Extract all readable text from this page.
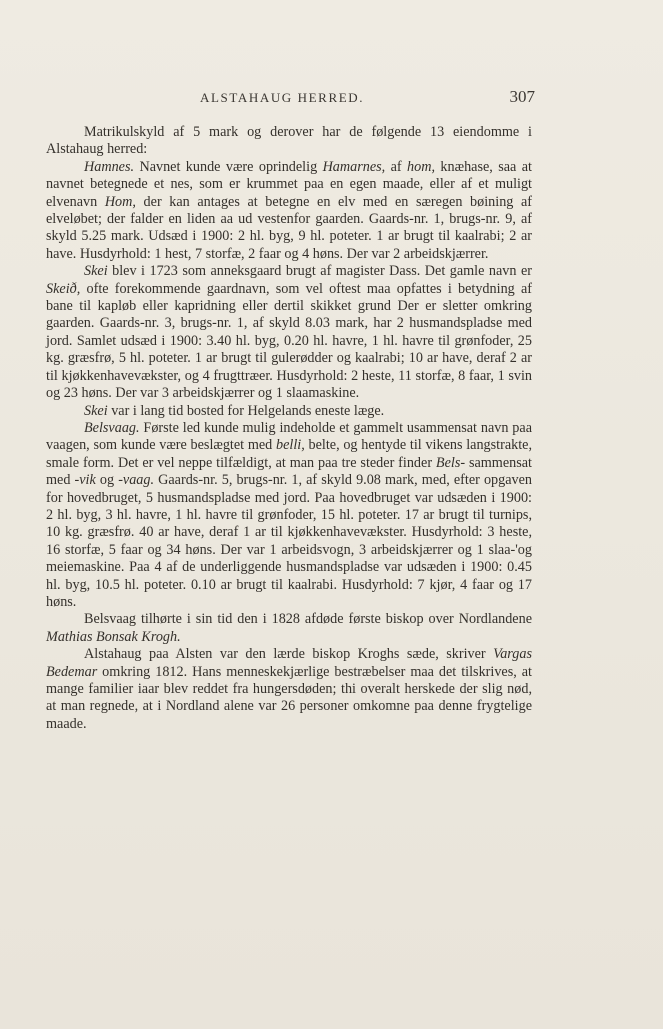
ALSTAHAUG HERRED.	307

Matrikulskyld af 5 mark og derover har de følgende 13 eiendomme i Alstahaug herred:

Hamnes. Navnet kunde være oprindelig Hamarnes, af hom, knæhase, saa at navnet betegnede et nes, som er krummet paa en egen maade, eller af et muligt elvenavn Hom, der kan antages at betegne en elv med en særegen bøining af elveløbet; der falder en liden aa ud vestenfor gaarden. Gaards-nr. 1, brugs-nr. 9, af skyld 5.25 mark. Udsæd i 1900: 2 hl. byg, 9 hl. poteter. 1 ar brugt til kaalrabi; 2 ar have. Husdyrhold: 1 hest, 7 storfæ, 2 faar og 4 høns. Der var 2 arbeidskjærrer.

Skei blev i 1723 som anneksgaard brugt af magister Dass. Det gamle navn er Skeið, ofte forekommende gaardnavn, som vel oftest maa opfattes i betydning af bane til kapløb eller kapridning eller dertil skikket grund Der er sletter omkring gaarden. Gaards-nr. 3, brugs-nr. 1, af skyld 8.03 mark, har 2 husmandspladse med jord. Samlet udsæd i 1900: 3.40 hl. byg, 0.20 hl. havre, 1 hl. havre til grønfoder, 25 kg. græsfrø, 5 hl. poteter. 1 ar brugt til gulerødder og kaalrabi; 10 ar have, deraf 2 ar til kjøkkenhavevækster, og 4 frugttræer. Husdyrhold: 2 heste, 11 storfæ, 8 faar, 1 svin og 23 høns. Der var 3 arbeidskjærrer og 1 slaamaskine.

Skei var i lang tid bosted for Helgelands eneste læge.

Belsvaag. Første led kunde mulig indeholde et gammelt usammensat navn paa vaagen, som kunde være beslægtet med belli, belte, og hentyde til vikens langstrakte, smale form. Det er vel neppe tilfældigt, at man paa tre steder finder Bels- sammensat med -vik og -vaag. Gaards-nr. 5, brugs-nr. 1, af skyld 9.08 mark, med, efter opgaven for hovedbruget, 5 husmandspladse med jord. Paa hovedbruget var udsæden i 1900: 2 hl. byg, 3 hl. havre, 1 hl. havre til grønfoder, 15 hl. poteter. 17 ar brugt til turnips, 10 kg. græsfrø. 40 ar have, deraf 1 ar til kjøkkenhavevækster. Husdyrhold: 3 heste, 16 storfæ, 5 faar og 34 høns. Der var 1 arbeidsvogn, 3 arbeidskjærrer og 1 slaa-'og meiemaskine. Paa 4 af de underliggende husmandspladse var udsæden i 1900: 0.45 hl. byg, 10.5 hl. poteter. 0.10 ar brugt til kaalrabi. Husdyrhold: 7 kjør, 4 faar og 17 høns.

Belsvaag tilhørte i sin tid den i 1828 afdøde første biskop over Nordlandene Mathias Bonsak Krogh.

Alstahaug paa Alsten var den lærde biskop Kroghs sæde, skriver Vargas Bedemar omkring 1812. Hans menneskekjærlige bestræbelser maa det tilskrives, at mange familier iaar blev reddet fra hungersdøden; thi overalt herskede der slig nød, at man regnede, at i Nordland alene var 26 personer omkomne paa denne frygtelige maade.
